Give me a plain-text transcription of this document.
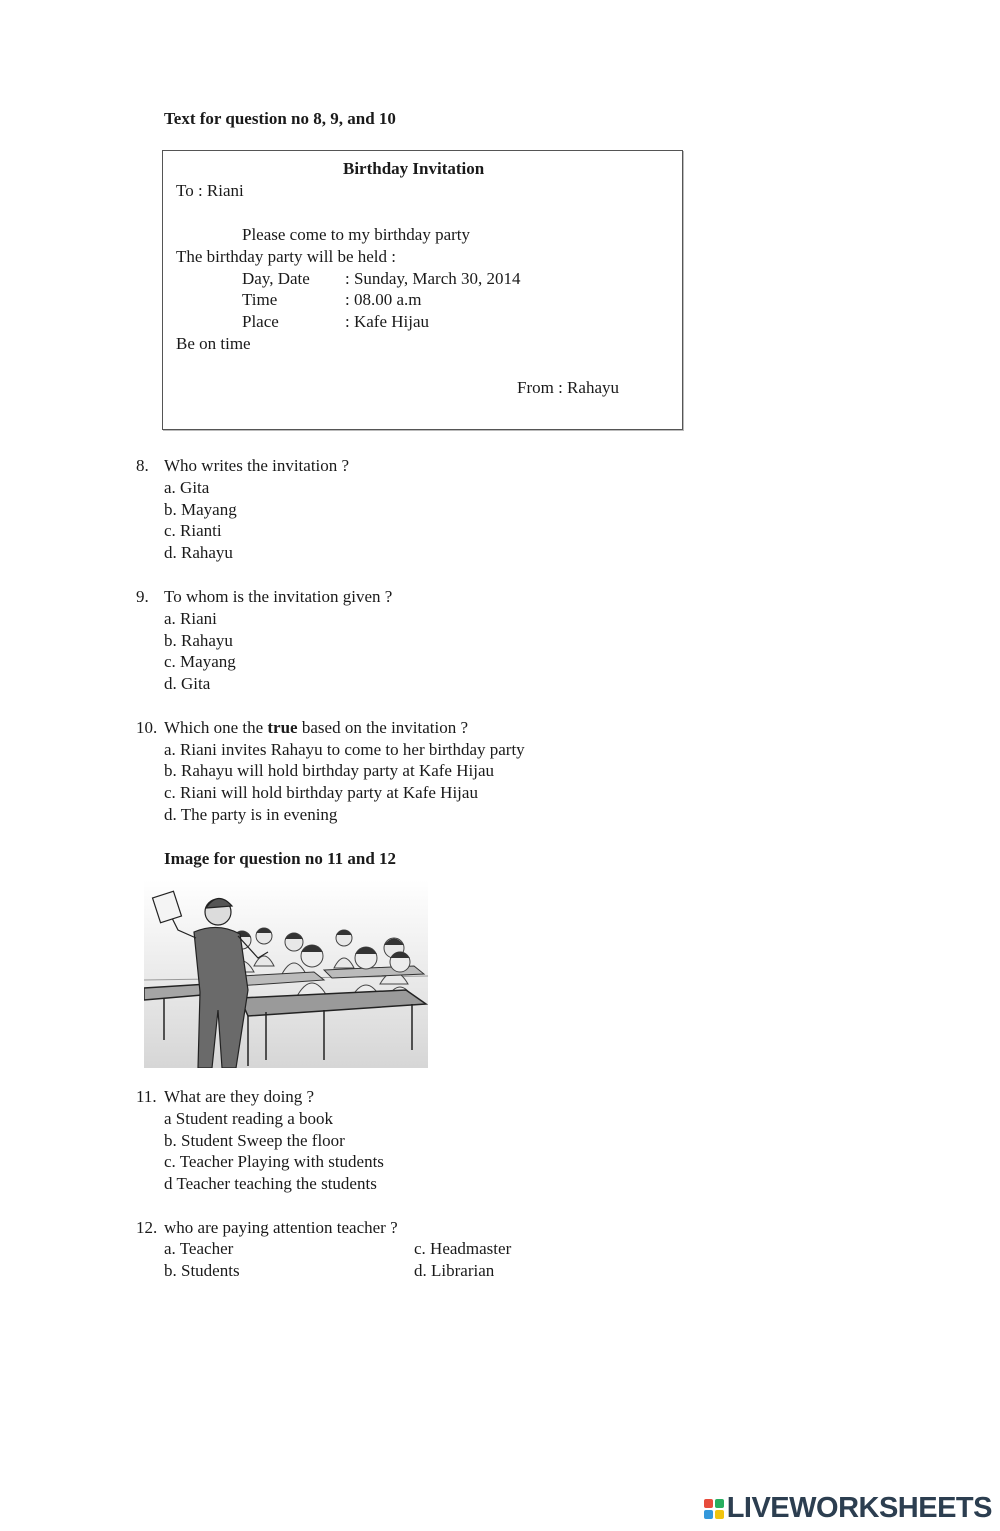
Text for question no 8, 9, and 10
Birthday Invitation
To : Riani
Please come to my birthday party
The birthday party will be held :
Day, Date : Sunday, March 30, 2014
Time	: 08.00 a.m
Place	: Kafe Hijau
Be on time
From : Rahayu
8. Who writes the invitation ?
a. Gita
b. Mayang
c. Rianti
d. Rahayu
9. To whom is the invitation given ?
a. Riani
b. Rahayu
c. Mayang
d. Gita
10. Which one the true based on the invitation ?
a. Riani invites Rahayu to come to her birthday party
b. Rahayu will hold birthday party at Kafe Hijau
c. Riani will hold birthday party at Kafe Hijau
d. The party is in evening
Image for question no 11 and 12
11. What are they doing ?
a Student reading a book
b. Student Sweep the floor
c. Teacher Playing with students
d Teacher teaching the students
12. who are paying attention teacher ?
a. Teacher
b. Students
c. Headmaster
d. Librarian
LIVEWORKSHEETS
